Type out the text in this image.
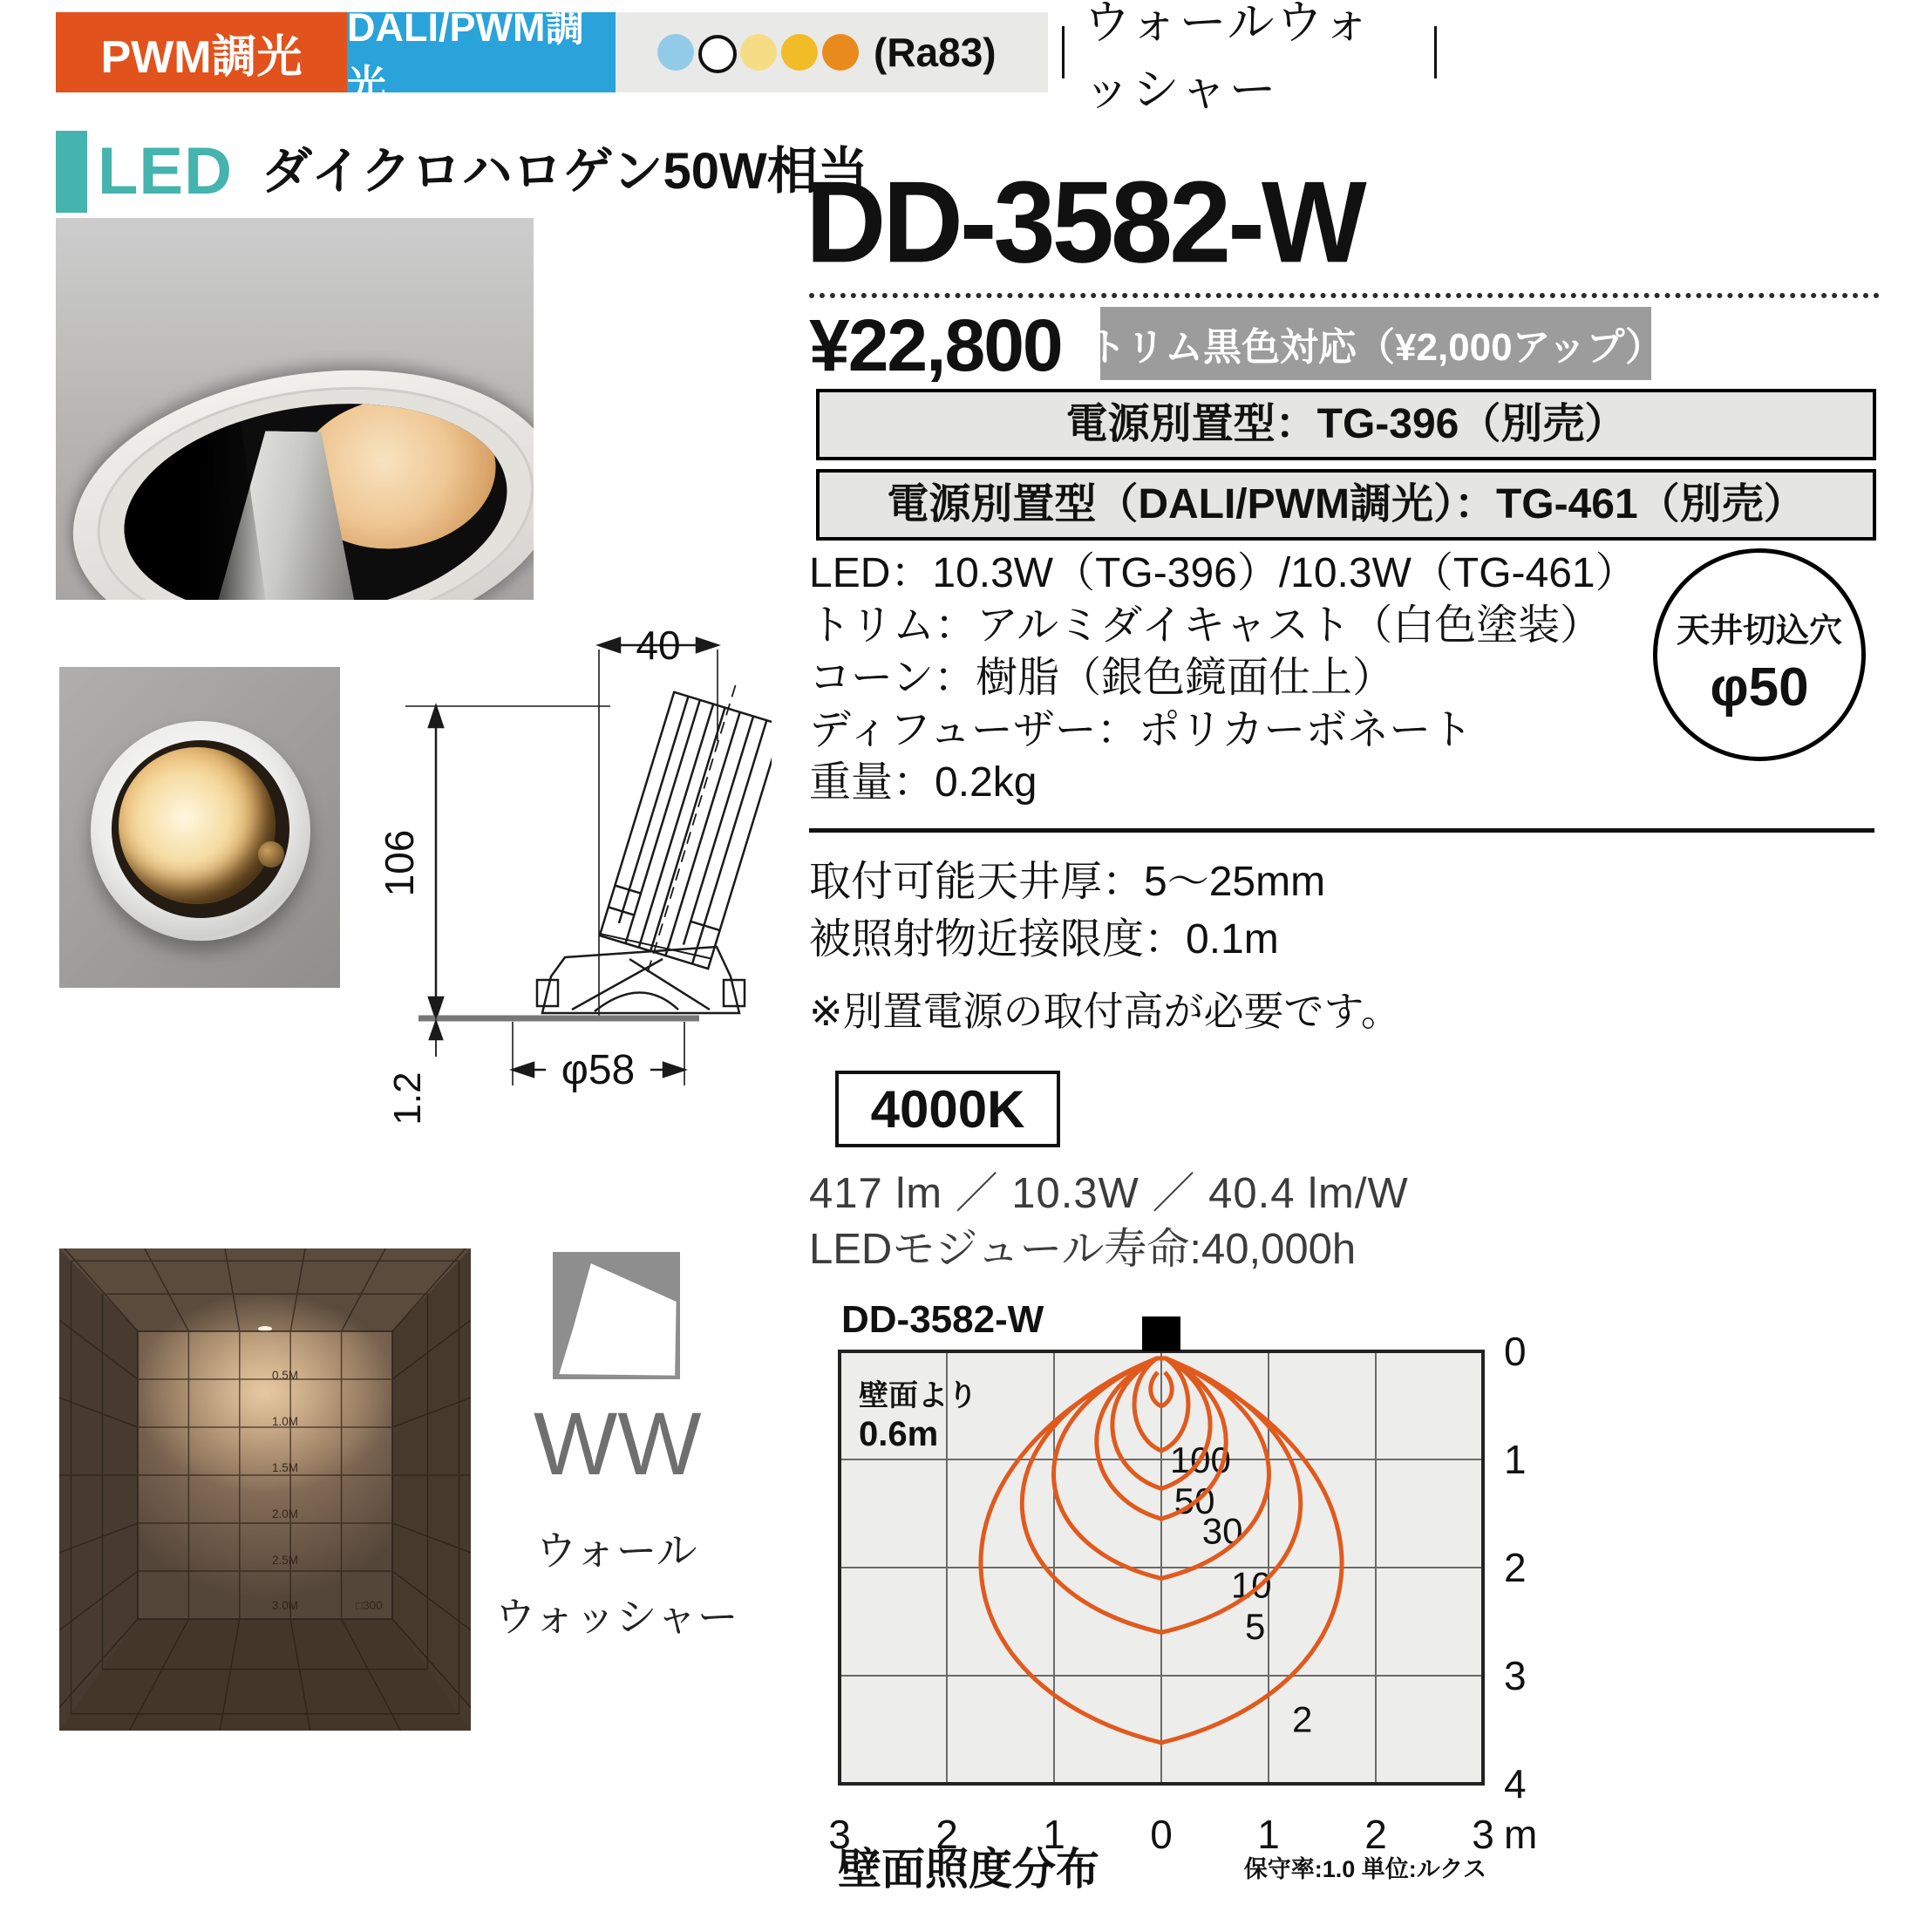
PWM調光
DALI/PWM調光
(Ra83)
ウォールウォッシャー
LED ダイクロハロゲン50W相当
40
106
1.2
φ58
DD-3582-W
¥22,800 トリム黒色対応（¥2,000アップ）
電源別置型：TG-396（別売）
電源別置型（DALI/PWM調光）：TG-461（別売）
LED：10.3W（TG-396）/10.3W（TG-461）
トリム：アルミダイキャスト（白色塗装）
コーン：樹脂（銀色鏡面仕上）
ディフューザー：ポリカーボネート
重量：0.2kg
天井切込穴
φ50
取付可能天井厚：5〜25mm
被照射物近接限度：0.1m
※別置電源の取付高が必要です。
4000K
417 lm ／ 10.3W ／ 40.4 lm/W
LEDモジュール寿命:40,000h
0.5M
1.0M
1.5M
2.0M
2.5M
3.0M	□300
WW
ウォール
ウォッシャー
DD-3582-W
壁面より
0.6m
0
1
2
3
4
3 2 1 0 1 2 3 m
100
50
30
10
5
2
壁面照度分布	保守率:1.0 単位:ルクス
